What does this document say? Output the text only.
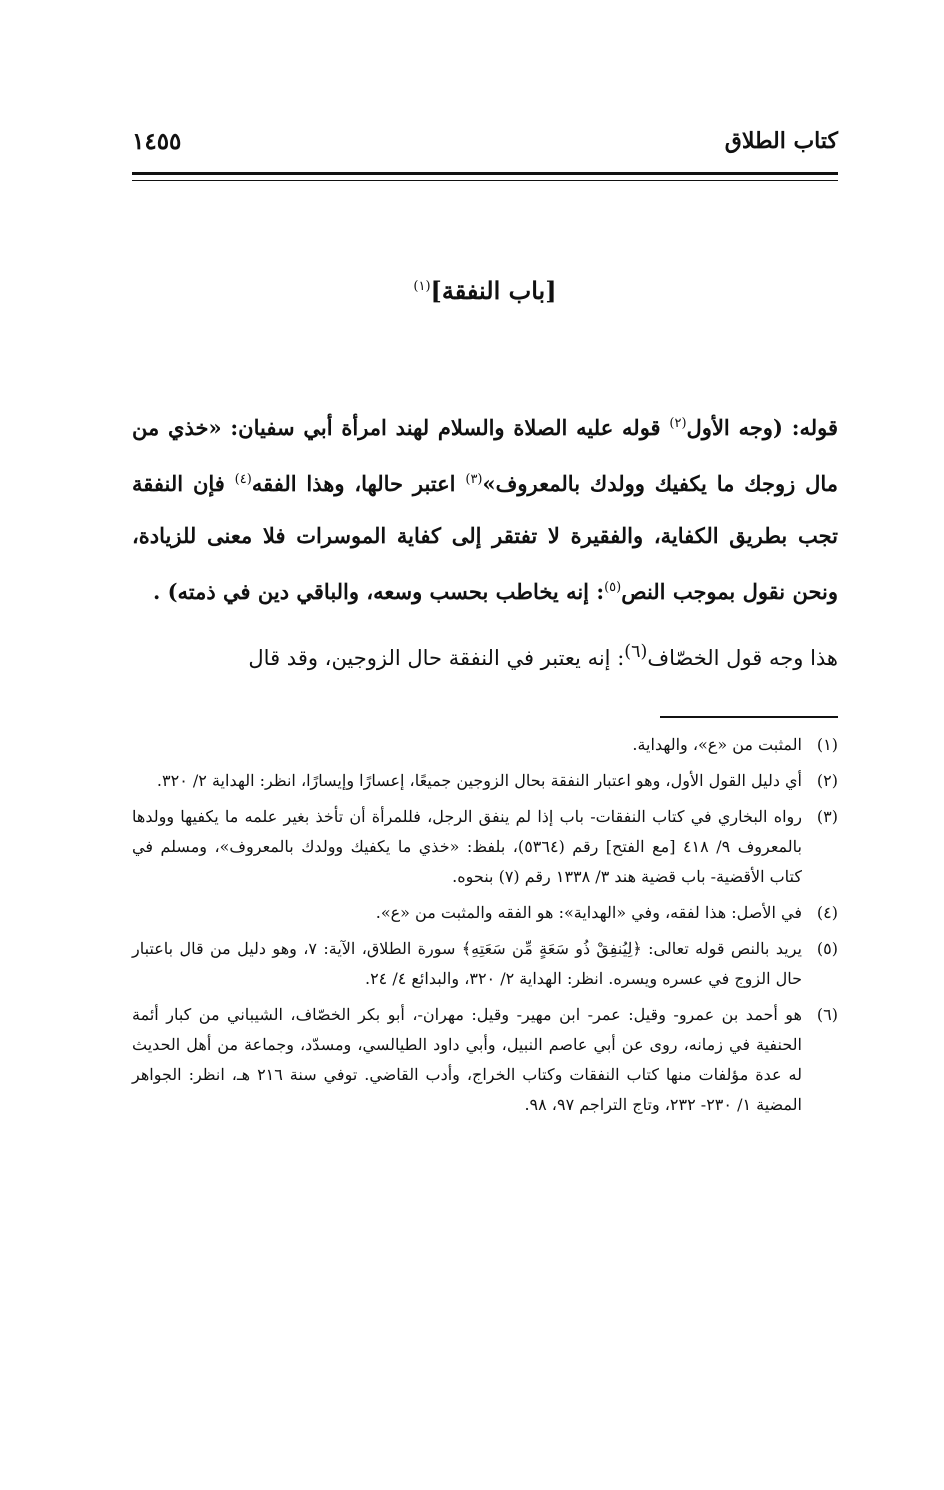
كتاب الطلاق
١٤٥٥
[باب النفقة]$^{(١)}$

قوله: (وجه الأول$^{(٢)}$ قوله عليه الصلاة والسلام لهند امرأة أبي سفيان: «خذي من مال زوجك ما يكفيك وولدك بالمعروف»$^{(٣)}$ اعتبر حالها، وهذا الفقه$^{(٤)}$ فإن النفقة تجب بطريق الكفاية، والفقيرة لا تفتقر إلى كفاية الموسرات فلا معنى للزيادة، ونحن نقول بموجب النص$^{(٥)}$: إنه يخاطب بحسب وسعه، والباقي دين في ذمته) .

هذا وجه قول الخصّاف$^{(٦)}$: إنه يعتبر في النفقة حال الزوجين، وقد قال

(١)
المثبت من «ع»، والهداية.
(٢)
أي دليل القول الأول، وهو اعتبار النفقة بحال الزوجين جميعًا، إعسارًا وإيسارًا، انظر: الهداية ٢/ ٣٢٠.
(٣)
رواه البخاري في كتاب النفقات- باب إذا لم ينفق الرجل، فللمرأة أن تأخذ بغير علمه ما يكفيها وولدها بالمعروف ٩/ ٤١٨ [مع الفتح] رقم (٥٣٦٤)، بلفظ: «خذي ما يكفيك وولدك بالمعروف»، ومسلم في كتاب الأقضية- باب قضية هند ٣/ ١٣٣٨ رقم (٧) بنحوه.
(٤)
في الأصل: هذا لفقه، وفي «الهداية»: هو الفقه والمثبت من «ع».
(٥)
يريد بالنص قوله تعالى: ﴿لِيُنفِقْ ذُو سَعَةٍ مِّن سَعَتِهِ﴾ سورة الطلاق، الآية: ٧، وهو دليل من قال باعتبار حال الزوج في عسره ويسره. انظر: الهداية ٢/ ٣٢٠، والبدائع ٤/ ٢٤.
(٦)
هو أحمد بن عمرو- وقيل: عمر- ابن مهير- وقيل: مهران-، أبو بكر الخصّاف، الشيباني من كبار أئمة الحنفية في زمانه، روى عن أبي عاصم النبيل، وأبي داود الطيالسي، ومسدّد، وجماعة من أهل الحديث له عدة مؤلفات منها كتاب النفقات وكتاب الخراج، وأدب القاضي. توفي سنة ٢١٦ هـ، انظر: الجواهر المضية ١/ ٢٣٠- ٢٣٢، وتاج التراجم ٩٧، ٩٨.
